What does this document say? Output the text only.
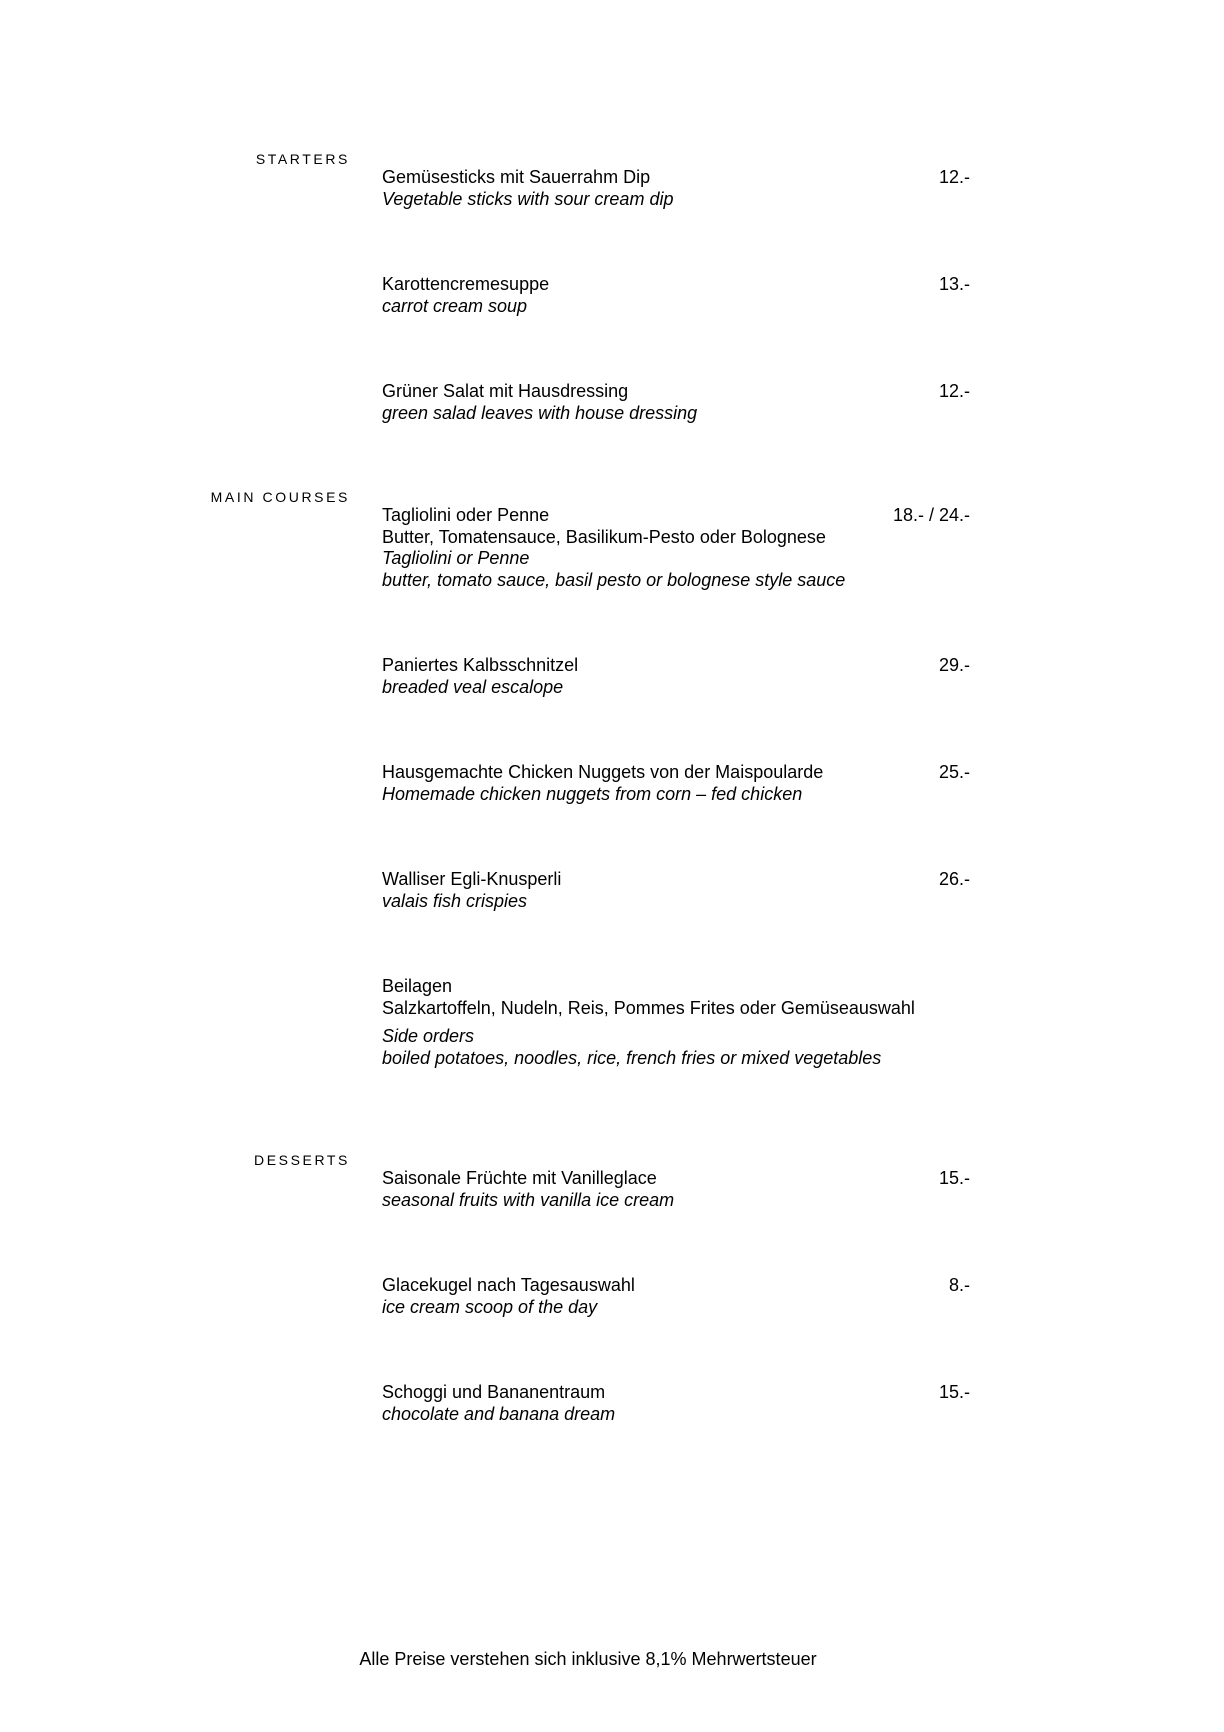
STARTERS
MAIN COURSES
DESSERTS
Gemüsesticks mit Sauerrahm Dip
Vegetable sticks with sour cream dip
12.-
Karottencremesuppe
carrot cream soup
13.-
Grüner Salat mit Hausdressing
green salad leaves with house dressing
12.-
Tagliolini oder Penne
Butter, Tomatensauce, Basilikum-Pesto oder Bolognese
Tagliolini or Penne
butter, tomato sauce, basil pesto or bolognese style sauce
18.- / 24.-
Paniertes Kalbsschnitzel
breaded veal escalope
29.-
Hausgemachte Chicken Nuggets von der Maispoularde
Homemade chicken nuggets from corn – fed chicken
25.-
Walliser Egli-Knusperli
valais fish crispies
26.-
Beilagen
Salzkartoffeln, Nudeln, Reis, Pommes Frites oder Gemüseauswahl
Side orders
boiled potatoes, noodles, rice, french fries or mixed vegetables
Saisonale Früchte mit Vanilleglace
seasonal fruits with vanilla ice cream
15.-
Glacekugel nach Tagesauswahl
ice cream scoop of the day
8.-
Schoggi und Bananentraum
chocolate and banana dream
15.-
Alle Preise verstehen sich inklusive 8,1% Mehrwertsteuer
